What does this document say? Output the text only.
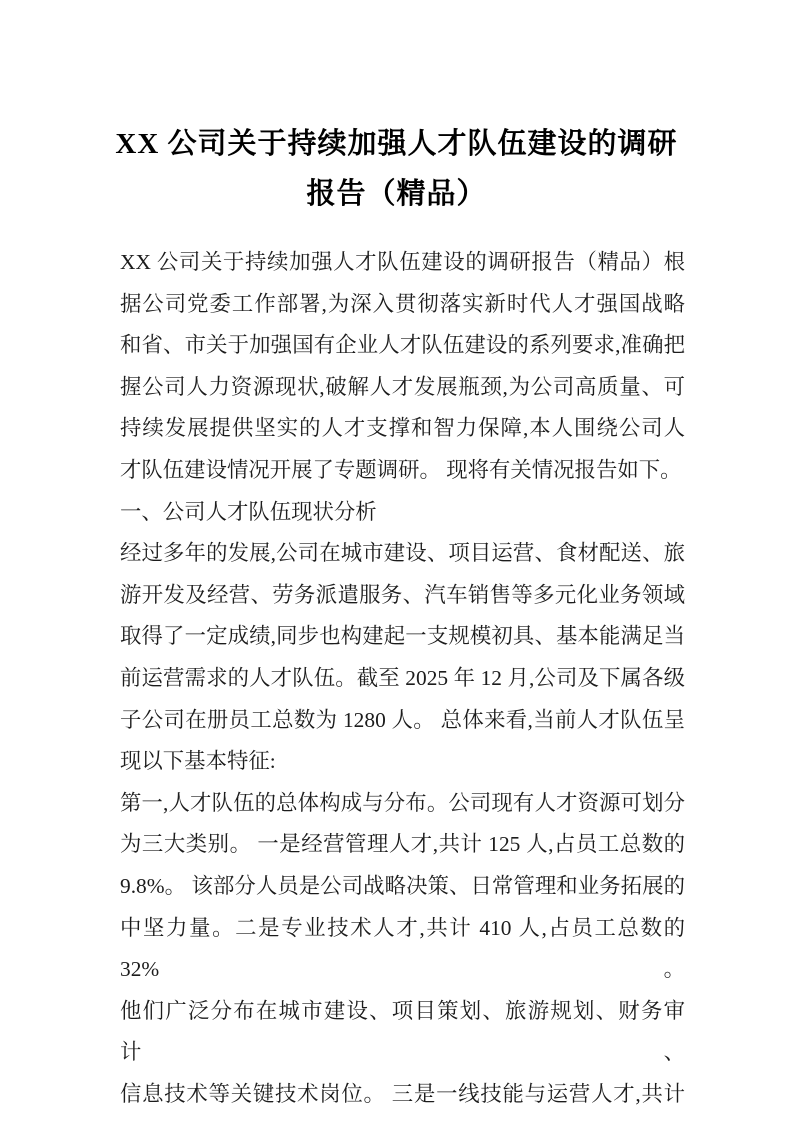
XX 公司关于持续加强人才队伍建设的调研
报告（精品）
XX 公司关于持续加强人才队伍建设的调研报告（精品）根
据公司党委工作部署,为深入贯彻落实新时代人才强国战略
和省、市关于加强国有企业人才队伍建设的系列要求,准确把
握公司人力资源现状,破解人才发展瓶颈,为公司高质量、可
持续发展提供坚实的人才支撑和智力保障,本人围绕公司人
才队伍建设情况开展了专题调研。 现将有关情况报告如下。
一、公司人才队伍现状分析
经过多年的发展,公司在城市建设、项目运营、食材配送、旅
游开发及经营、劳务派遣服务、汽车销售等多元化业务领域
取得了一定成绩,同步也构建起一支规模初具、基本能满足当
前运营需求的人才队伍。截至 2025 年 12 月,公司及下属各级
子公司在册员工总数为 1280 人。 总体来看,当前人才队伍呈
现以下基本特征:
第一,人才队伍的总体构成与分布。公司现有人才资源可划分
为三大类别。 一是经营管理人才,共计 125 人,占员工总数的
9.8%。 该部分人员是公司战略决策、日常管理和业务拓展的
中坚力量。二是专业技术人才,共计 410 人,占员工总数的 32%。
他们广泛分布在城市建设、项目策划、旅游规划、财务审计、
信息技术等关键技术岗位。 三是一线技能与运营人才,共计
